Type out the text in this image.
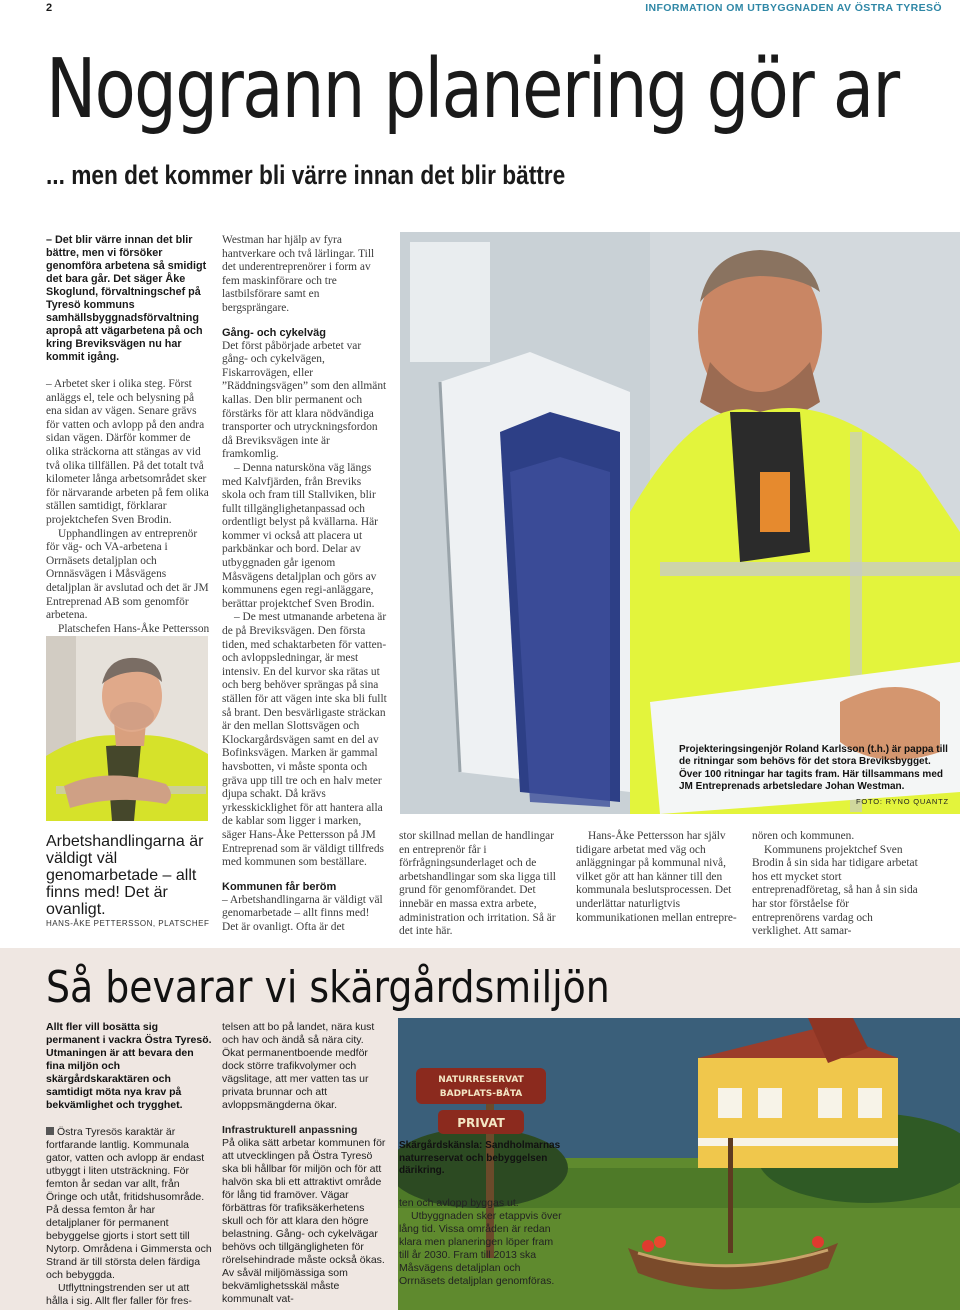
2	INFORMATION OM UTBYGGNADEN AV ÖSTRA TYRESÖ
Noggrann planering gör ar
... men det kommer bli värre innan det blir bättre

– Det blir värre innan det blir bättre, men vi försöker genomföra arbetena så smidigt det bara går. Det säger Åke Skoglund, förvaltningschef på Tyresö kommuns samhällsbyggnadsförvaltning apropå att vägarbetena på och kring Breviksvägen nu har kommit igång.

– Arbetet sker i olika steg. Först anläggs el, tele och belysning på ena sidan av vägen. Senare grävs för vatten och avlopp på den andra sidan vägen. Därför kommer de olika sträckorna att stängas av vid två olika tillfällen. På det totalt två kilometer långa arbetsområdet sker för närvarande arbeten på fem olika ställen samtidigt, förklarar projektchefen Sven Brodin.

Upphandlingen av entreprenör för väg- och VA-arbetena i Orrnäsets detaljplan och Ornnäsvägen i Måsvägens detaljplan är avslutad och det är JM Entreprenad AB som genomför arbetena.

Platschefen Hans-Åke Pettersson

Arbetshandlingarna är väldigt väl genomarbetade – allt finns med! Det är ovanligt.
HANS-ÅKE PETTERSSON, PLATSCHEF

Westman har hjälp av fyra hantverkare och två lärlingar. Till det underentreprenörer i form av fem maskinförare och tre lastbilsförare samt en bergsprängare.

Gång- och cykelväg

Det först påbörjade arbetet var gång- och cykelvägen, Fiskarrovägen, eller ”Räddningsvägen” som den allmänt kallas. Den blir permanent och förstärks för att klara nödvändiga transporter och utryckningsfordon då Breviksvägen inte är framkomlig.

– Denna natursköna väg längs med Kalvfjärden, från Breviks skola och fram till Stallviken, blir fullt tillgänglighetanpassad och ordentligt belyst på kvällarna. Här kommer vi också att placera ut parkbänkar och bord. Delar av utbyggnaden går igenom Måsvägens detaljplan och görs av kommunens egen regi-anläggare, berättar projektchef Sven Brodin.

– De mest utmanande arbetena är de på Breviksvägen. Den första tiden, med schaktarbeten för vatten- och avloppsledningar, är mest intensiv. En del kurvor ska rätas ut och berg behöver sprängas på sina ställen för att vägen inte ska bli fullt så brant. Den besvärligaste sträckan är den mellan Slottsvägen och Klockargårdsvägen samt en del av Bofinksvägen. Marken är gammal havsbotten, vi måste sponta och gräva upp till tre och en halv meter djupa schakt. Då krävs yrkesskicklighet för att hantera alla de kablar som ligger i marken, säger Hans-Åke Pettersson på JM Entreprenad som är väldigt tillfreds med kommunen som beställare.

Kommunen får beröm

– Arbetshandlingarna är väldigt väl genomarbetade – allt finns med! Det är ovanligt. Ofta är det

Projekteringsingenjör Roland Karlsson (t.h.) är pappa till de ritningar som behövs för det stora Breviksbygget. Över 100 ritningar har tagits fram. Här tillsammans med JM Entreprenads arbetsledare Johan Westman.
FOTO: RYNO QUANTZ

stor skillnad mellan de handlingar en entreprenör får i förfrågningsunderlaget och de arbetshandlingar som ska ligga till grund för genomförandet. Det innebär en massa extra arbete, administration och irritation. Så är det inte här.

Hans-Åke Pettersson har själv tidigare arbetat med väg och anläggningar på kommunal nivå, vilket gör att han känner till den kommunala beslutsprocessen. Det underlättar naturligtvis kommunikationen mellan entrepre-

nören och kommunen.

Kommunens projektchef Sven Brodin å sin sida har tidigare arbetat hos ett mycket stort entreprenadföretag, så han å sin sida har stor förståelse för entreprenörens vardag och verklighet. Att samar-

Så bevarar vi skärgårdsmiljön

Allt fler vill bosätta sig permanent i vackra Östra Tyresö. Utmaningen är att bevara den fina miljön och skärgårdskaraktären och samtidigt möta nya krav på bekvämlighet och trygghet.

Östra Tyresös karaktär är fortfarande lantlig. Kommunala gator, vatten och avlopp är endast utbyggt i liten utsträckning. För femton år sedan var allt, från Öringe och utåt, fritidshusområde. På dessa femton år har detaljplaner för permanent bebyggelse gjorts i stort sett till Nytorp. Områdena i Gimmersta och Strand är till största delen färdiga och bebyggda.

Utflyttningstrenden ser ut att hålla i sig. Allt fler faller för fres-

telsen att bo på landet, nära kust och hav och ändå så nära city. Ökat permanentboende medför dock större trafikvolymer och vägslitage, att mer vatten tas ur privata brunnar och att avloppsmängderna ökar.

Infrastrukturell anpassning

På olika sätt arbetar kommunen för att utvecklingen på Östra Tyresö ska bli hållbar för miljön och för att halvön ska bli ett attraktivt område för lång tid framöver. Vägar förbättras för trafiksäkerhetens skull och för att klara den högre belastning. Gång- och cykelvägar behövs och tillgängligheten för rörelsehindrade måste också ökas. Av såväl miljömässiga som bekvämlighetsskäl måste kommunalt vat-

NATURRESERVAT
BADPLATS-BÅTA
PRIVAT
Skärgårdskänsla: Sandholmarnas naturreservat och bebyggelsen därikring.

ten och avlopp byggas ut.

Utbyggnaden sker etappvis över lång tid. Vissa områden är redan klara men planeringen löper fram till år 2030. Fram till 2013 ska Måsvägens detaljplan och Orrnäsets detaljplan genomföras.
